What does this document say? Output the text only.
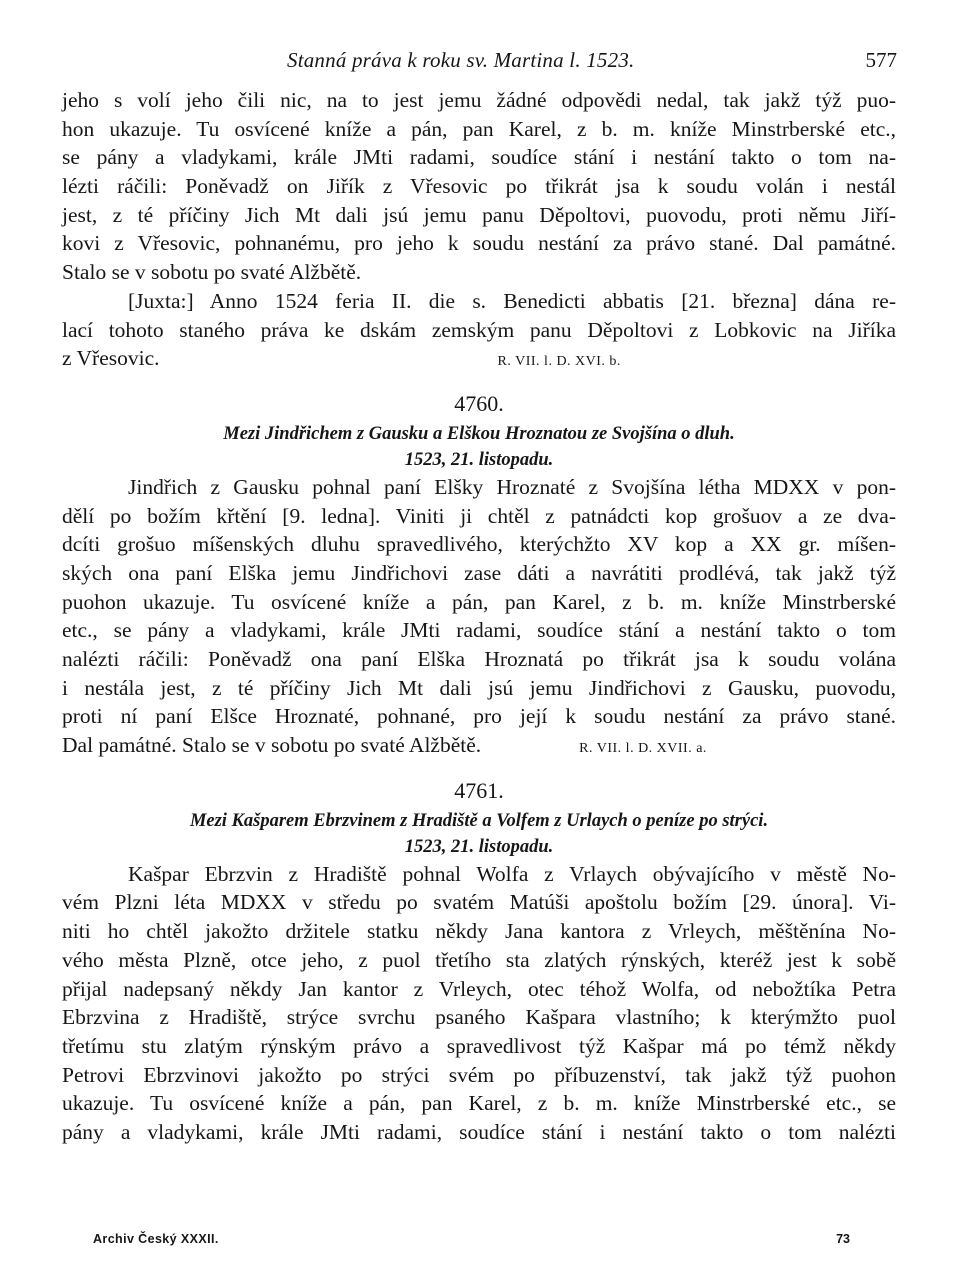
Stanná práva k roku sv. Martina l. 1523.	577
jeho s volí jeho čili nic, na to jest jemu žádné odpovědi nedal, tak jakž týž puo-
hon ukazuje. Tu osvícené kníže a pán, pan Karel, z b. m. kníže Minstrberské etc.,
se pány a vladykami, krále JMti radami, soudíce stání i nestání takto o tom na-
lézti ráčili: Poněvadž on Jiřík z Vřesovic po třikrát jsa k soudu volán i nestál
jest, z té příčiny Jich Mt dali jsú jemu panu Děpoltovi, puovodu, proti němu Jiří-
kovi z Vřesovic, pohnanému, pro jeho k soudu nestání za právo stané. Dal památné.
Stalo se v sobotu po svaté Alžbětě.
[Juxta:] Anno 1524 feria II. die s. Benedicti abbatis [21. března] dána re-
lací tohoto staného práva ke dskám zemským panu Děpoltovi z Lobkovic na Jiříka
z Vřesovic.	R. VII. l. D. XVI. b.
4760.
Mezi Jindřichem z Gausku a Elškou Hroznatou ze Svojšína o dluh.
1523, 21. listopadu.
Jindřich z Gausku pohnal paní Elšky Hroznaté z Svojšína létha MDXX v pon-
dělí po božím křtění [9. ledna]. Viniti ji chtěl z patnádcti kop grošuov a ze dva-
dcíti grošuo míšenských dluhu spravedlivého, kterýchžto XV kop a XX gr. míšen-
ských ona paní Elška jemu Jindřichovi zase dáti a navrátiti prodlévá, tak jakž týž
puohon ukazuje. Tu osvícené kníže a pán, pan Karel, z b. m. kníže Minstrberské
etc., se pány a vladykami, krále JMti radami, soudíce stání a nestání takto o tom
nalézti ráčili: Poněvadž ona paní Elška Hroznatá po třikrát jsa k soudu volána
i nestála jest, z té příčiny Jich Mt dali jsú jemu Jindřichovi z Gausku, puovodu,
proti ní paní Elšce Hroznaté, pohnané, pro její k soudu nestání za právo stané.
Dal památné. Stalo se v sobotu po svaté Alžbětě.	R. VII. l. D. XVII. a.
4761.
Mezi Kašparem Ebrzvinem z Hradiště a Volfem z Urlaych o peníze po strýci.
1523, 21. listopadu.
Kašpar Ebrzvin z Hradiště pohnal Wolfa z Vrlaych obývajícího v městě No-
vém Plzni léta MDXX v středu po svatém Matúši apoštolu božím [29. února]. Vi-
niti ho chtěl jakožto držitele statku někdy Jana kantora z Vrleych, měštěnína No-
vého města Plzně, otce jeho, z puol třetího sta zlatých rýnských, kteréž jest k sobě
přijal nadepsaný někdy Jan kantor z Vrleych, otec téhož Wolfa, od nebožtíka Petra
Ebrzvina z Hradiště, strýce svrchu psaného Kašpara vlastního; k kterýmžto puol
třetímu stu zlatým rýnským právo a spravedlivost týž Kašpar má po témž někdy
Petrovi Ebrzvinovi jakožto po strýci svém po příbuzenství, tak jakž týž puohon
ukazuje. Tu osvícené kníže a pán, pan Karel, z b. m. kníže Minstrberské etc., se
pány a vladykami, krále JMti radami, soudíce stání i nestání takto o tom nalézti
Archiv Český XXXII.	73
